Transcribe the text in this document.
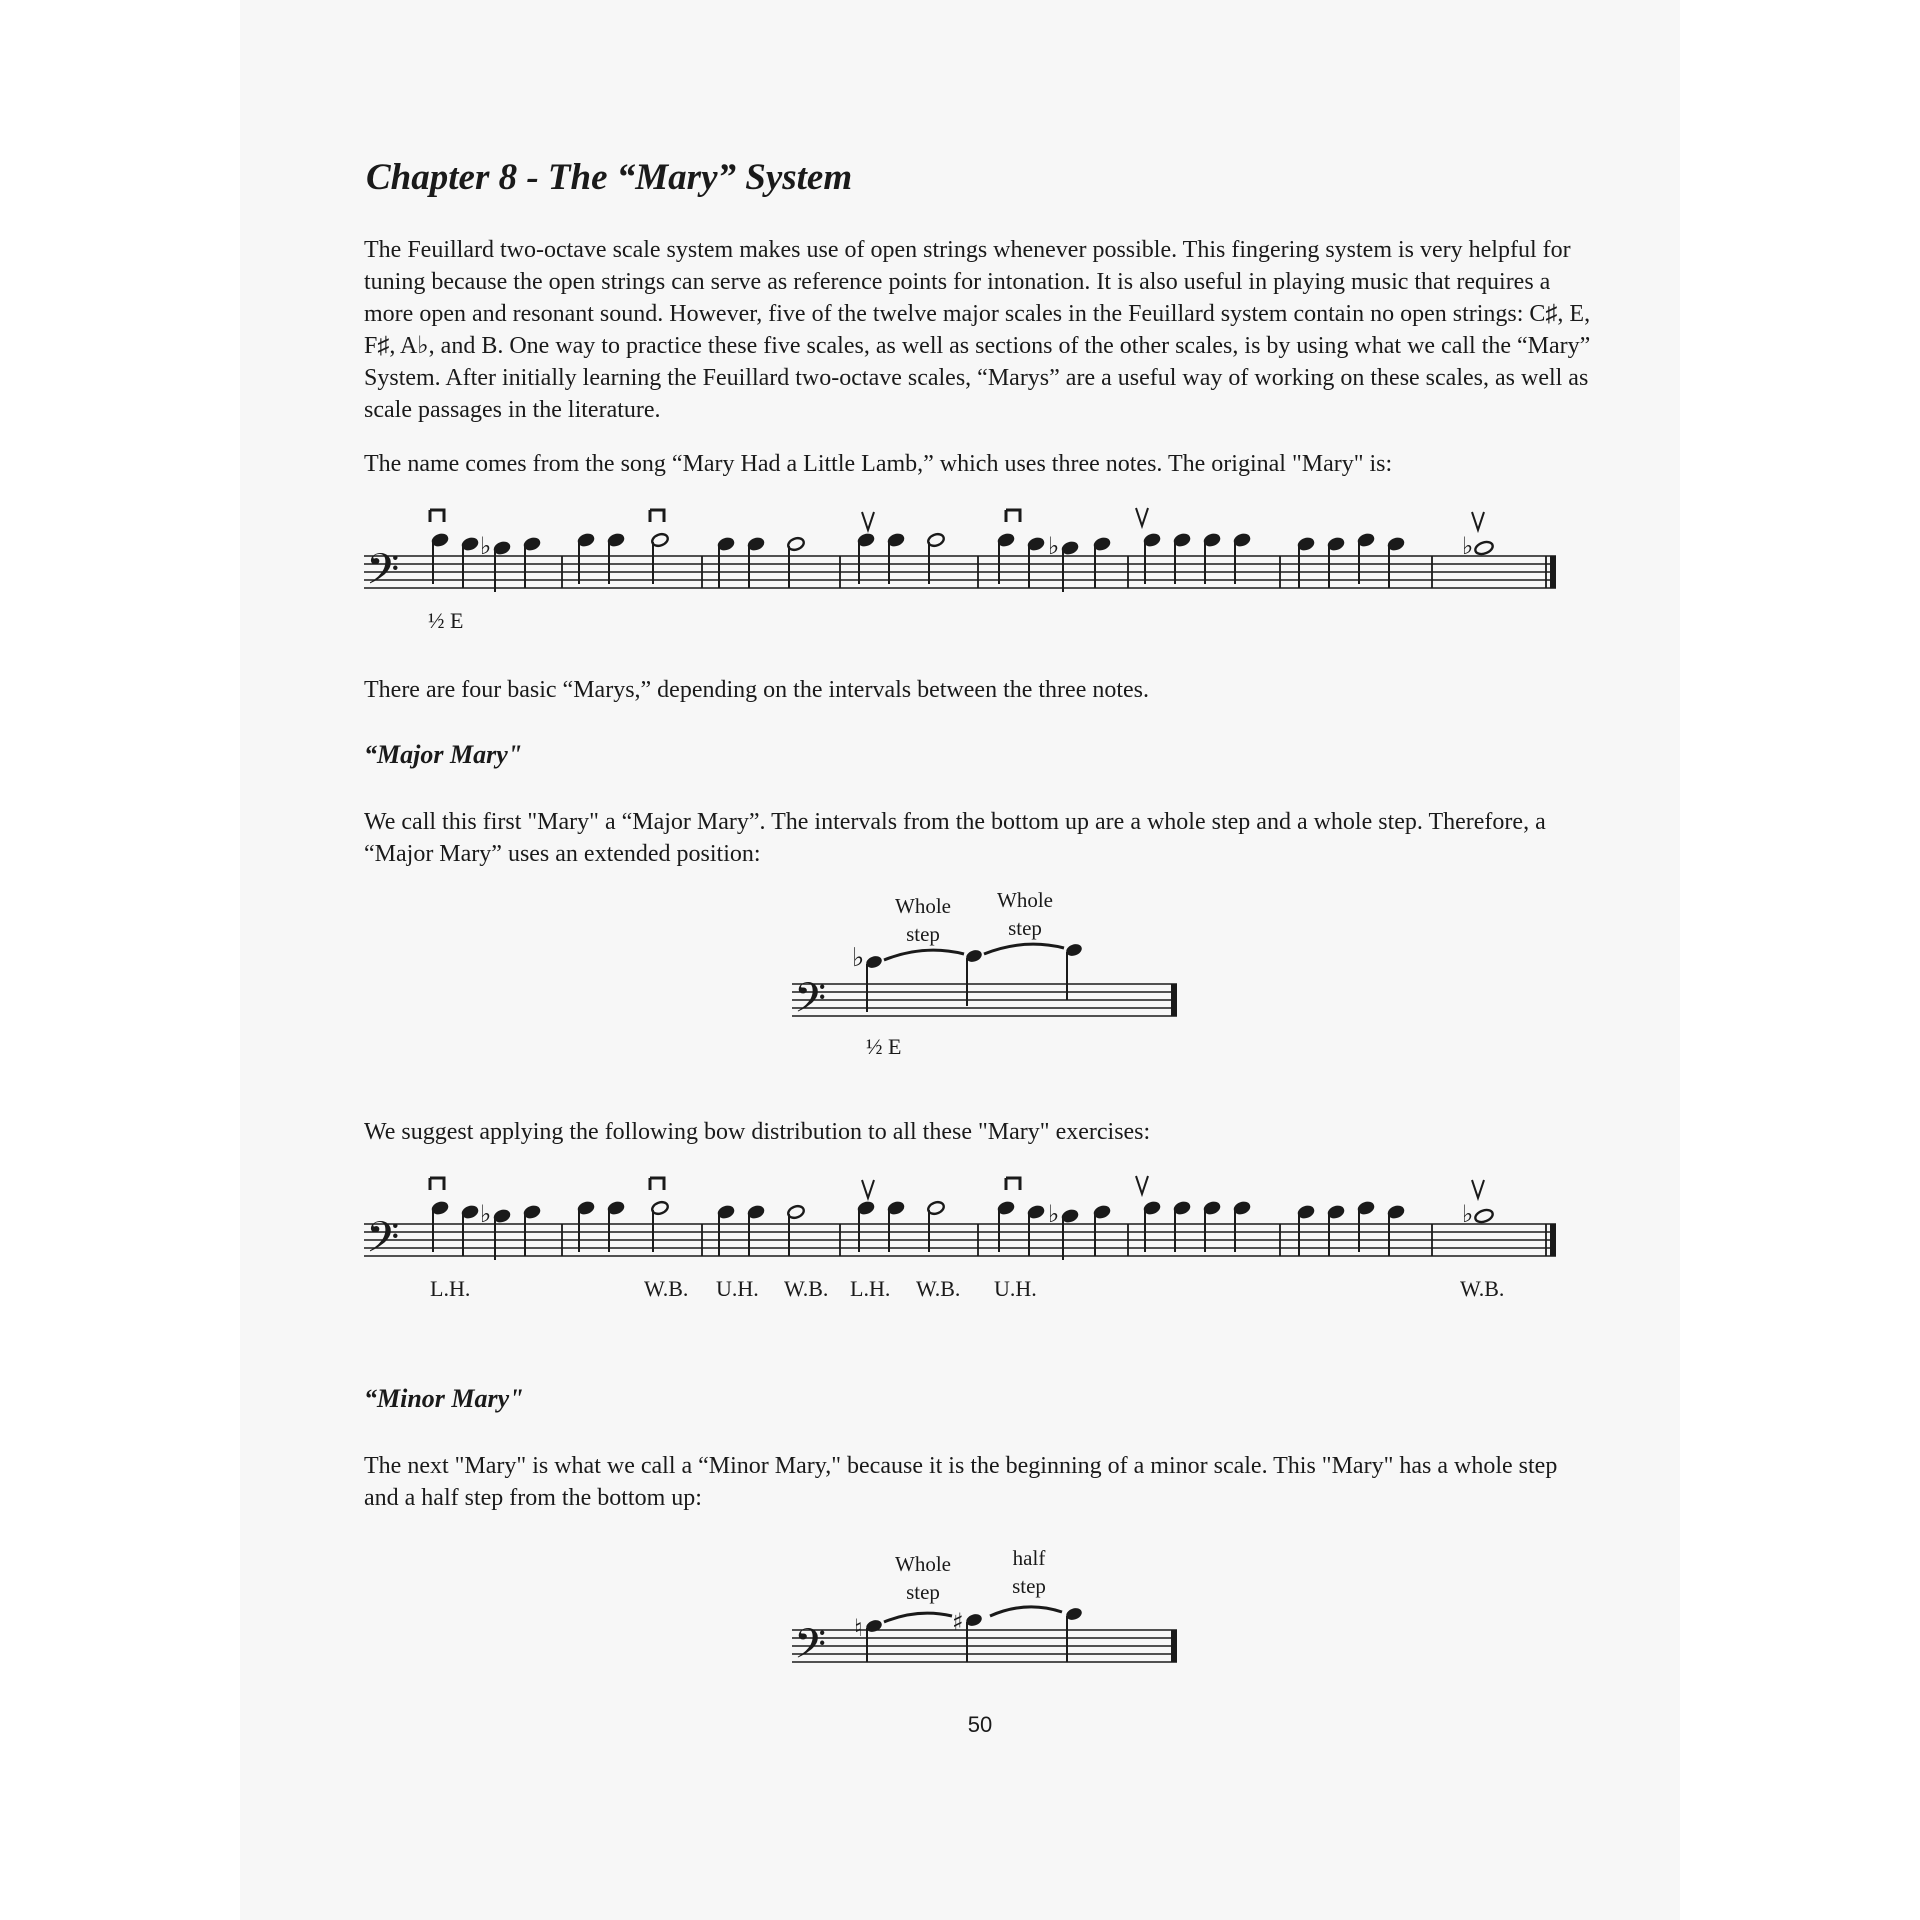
Chapter 8 - The “Mary” System
The Feuillard two-octave scale system makes use of open strings whenever possible. This fingering system is very helpful for tuning because the open strings can serve as reference points for intonation. It is also useful in playing music that requires a more open and resonant sound. However, five of the twelve major scales in the Feuillard system contain no open strings: C♯, E, F♯, A♭, and B. One way to practice these five scales, as well as sections of the other scales, is by using what we call the “Mary” System. After initially learning the Feuillard two-octave scales, “Marys” are a useful way of working on these scales, as well as scale passages in the literature.
The name comes from the song “Mary Had a Little Lamb,” which uses three notes. The original "Mary" is:
𝄢	♭	♭	♭
½ E
There are four basic “Marys,” depending on the intervals between the three notes.
“Major Mary"
We call this first "Mary" a “Major Mary”. The intervals from the bottom up are a whole step and a whole step. Therefore, a “Major Mary” uses an extended position:
Whole
step
Whole
step
𝄢
♭
½ E
We suggest applying the following bow distribution to all these "Mary" exercises:
𝄢	♭	♭	♭
L.H.	W.B. U.H. W.B. L.H. W.B. U.H.	W.B.
“Minor Mary"
The next "Mary" is what we call a “Minor Mary," because it is the beginning of a minor scale. This "Mary" has a whole step and a half step from the bottom up:
Whole
step
half
step
𝄢 ♮	♯
50
